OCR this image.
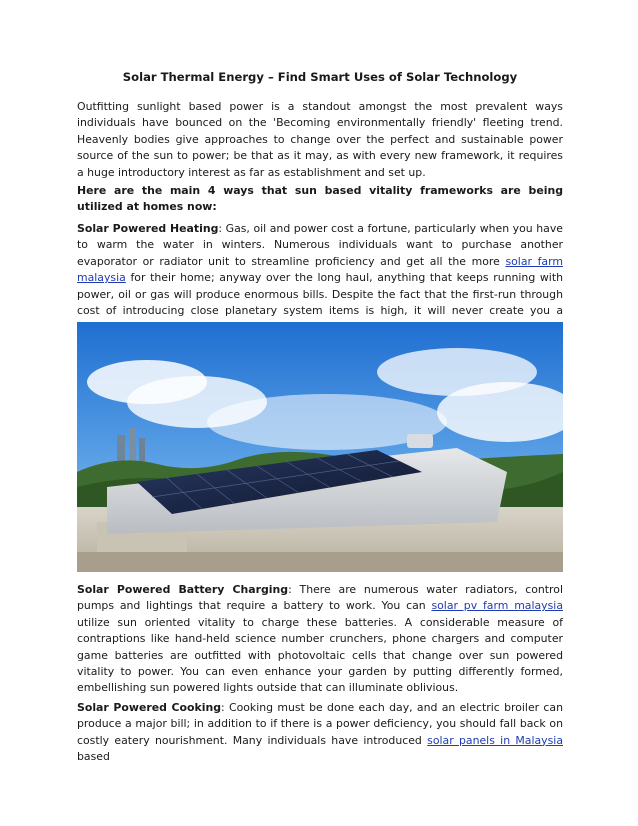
Solar Thermal Energy – Find Smart Uses of Solar Technology

Outfitting sunlight based power is a standout amongst the most prevalent ways individuals have bounced on the 'Becoming environmentally friendly' fleeting trend. Heavenly bodies give approaches to change over the perfect and sustainable power source of the sun to power; be that as it may, as with every new framework, it requires a huge introductory interest as far as establishment and set up.

Here are the main 4 ways that sun based vitality frameworks are being utilized at homes now:

Solar Powered Heating: Gas, oil and power cost a fortune, particularly when you have to warm the water in winters. Numerous individuals want to purchase another evaporator or radiator unit to streamline proficiency and get all the more solar farm malaysia for their home; anyway over the long haul, anything that keeps running with power, oil or gas will produce enormous bills. Despite the fact that the first-run through cost of introducing close planetary system items is high, it will never create you a

Solar Powered Battery Charging: There are numerous water radiators, control pumps and lightings that require a battery to work. You can solar pv farm malaysia utilize sun oriented vitality to charge these batteries. A considerable measure of contraptions like hand-held science number crunchers, phone chargers and computer game batteries are outfitted with photovoltaic cells that change over sun powered vitality to power. You can even enhance your garden by putting differently formed, embellishing sun powered lights outside that can illuminate oblivious.

Solar Powered Cooking: Cooking must be done each day, and an electric broiler can produce a major bill; in addition to if there is a power deficiency, you should fall back on costly eatery nourishment. Many individuals have introduced solar panels in Malaysia based
